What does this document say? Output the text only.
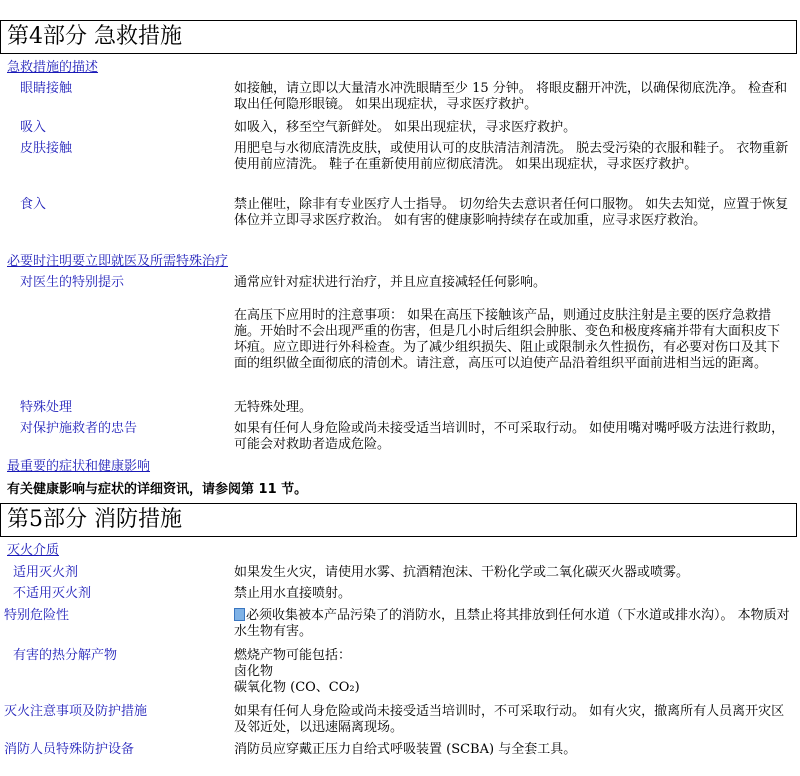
第4部分 急救措施
急救措施的描述
眼睛接触	如接触，请立即以大量清水冲洗眼睛至少 15 分钟。 将眼皮翻开冲洗，以确保彻底洗净。 检查和取出任何隐形眼镜。 如果出现症状，寻求医疗救护。
吸入	如吸入，移至空气新鲜处。 如果出现症状，寻求医疗救护。
皮肤接触	用肥皂与水彻底清洗皮肤，或使用认可的皮肤清洁剂清洗。 脱去受污染的衣服和鞋子。 衣物重新使用前应清洗。 鞋子在重新使用前应彻底清洗。 如果出现症状，寻求医疗救护。
食入	禁止催吐，除非有专业医疗人士指导。 切勿给失去意识者任何口服物。 如失去知觉，应置于恢复体位并立即寻求医疗救治。 如有害的健康影响持续存在或加重，应寻求医疗救治。
必要时注明要立即就医及所需特殊治疗
对医生的特别提示	通常应针对症状进行治疗，并且应直接减轻任何影响。
在高压下应用时的注意事项： 如果在高压下接触该产品，则通过皮肤注射是主要的医疗急救措施。开始时不会出现严重的伤害，但是几小时后组织会肿胀、变色和极度疼痛并带有大面积皮下坏疽。应立即进行外科检查。为了减少组织损失、阻止或限制永久性损伤，有必要对伤口及其下面的组织做全面彻底的清创术。请注意，高压可以迫使产品沿着组织平面前进相当远的距离。
特殊处理	无特殊处理。
对保护施救者的忠告	如果有任何人身危险或尚未接受适当培训时，不可采取行动。 如使用嘴对嘴呼吸方法进行救助，可能会对救助者造成危险。
最重要的症状和健康影响
有关健康影响与症状的详细资讯，请参阅第 11 节。
第5部分 消防措施
灭火介质
适用灭火剂	如果发生火灾，请使用水雾、抗酒精泡沫、干粉化学或二氧化碳灭火器或喷雾。
不适用灭火剂	禁止用水直接喷射。
特别危险性	必须收集被本产品污染了的消防水，且禁止将其排放到任何水道（下水道或排水沟）。 本物质对水生物有害。
有害的热分解产物	燃烧产物可能包括：
卤化物
碳氧化物 (CO、CO₂)
灭火注意事项及防护措施	如果有任何人身危险或尚未接受适当培训时，不可采取行动。 如有火灾，撤离所有人员离开灾区及邻近处，以迅速隔离现场。
消防人员特殊防护设备	消防员应穿戴正压力自给式呼吸装置 (SCBA) 与全套工具。
